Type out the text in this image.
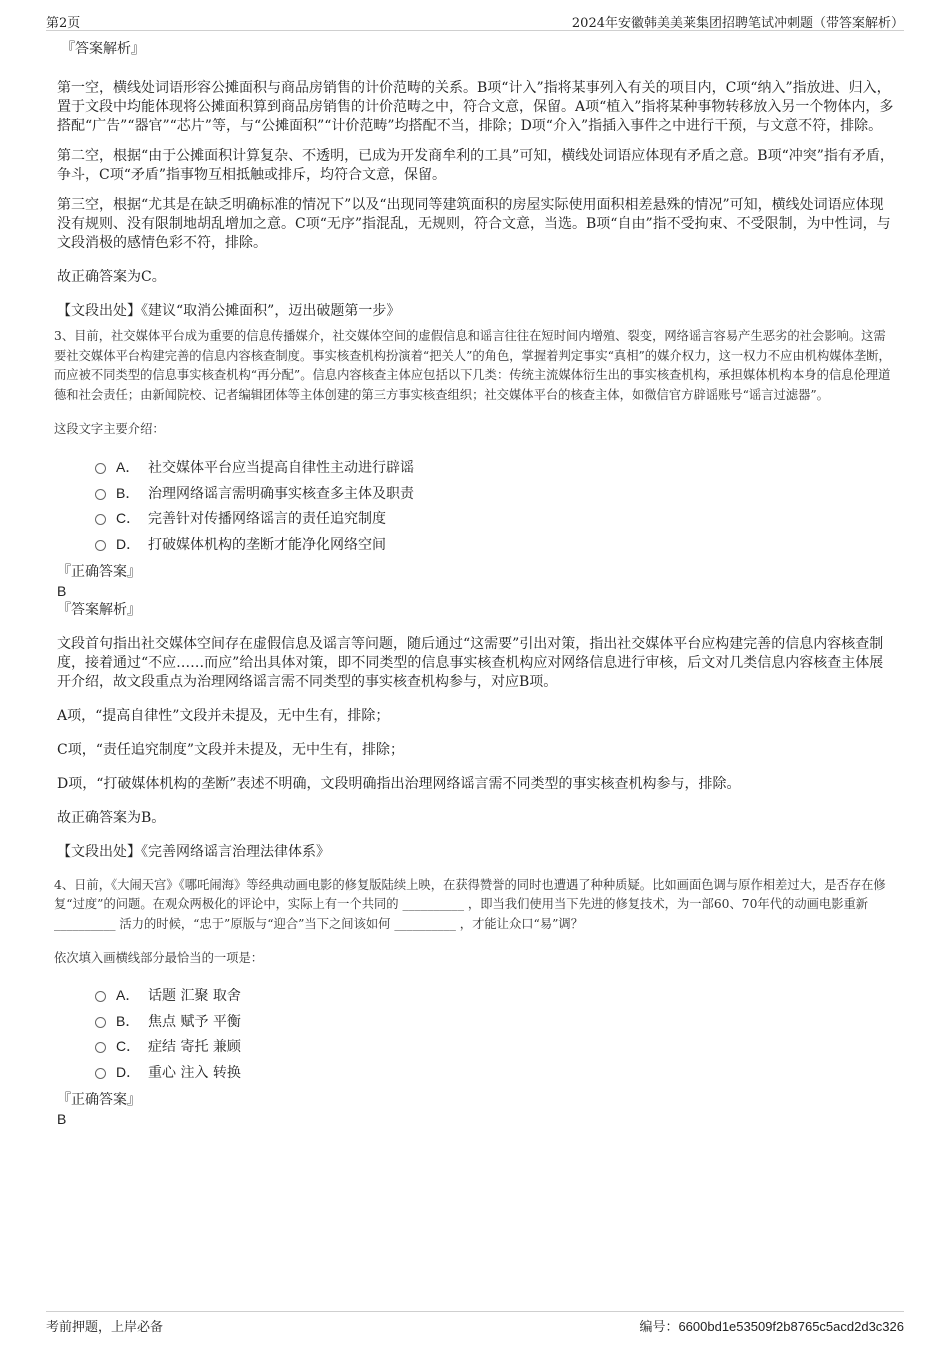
第2页	2024年安徽韩美美莱集团招聘笔试冲刺题（带答案解析）
『答案解析』

第一空，横线处词语形容公摊面积与商品房销售的计价范畴的关系。B项“计入”指将某事列入有关的项目内，C项“纳入”指放进、归入，置于文段中均能体现将公摊面积算到商品房销售的计价范畴之中，符合文意，保留。A项“植入”指将某种事物转移放入另一个物体内，多搭配“广告”“器官”“芯片”等，与“公摊面积”“计价范畴”均搭配不当，排除；D项“介入”指插入事件之中进行干预，与文意不符，排除。

第二空，根据“由于公摊面积计算复杂、不透明，已成为开发商牟利的工具”可知，横线处词语应体现有矛盾之意。B项“冲突”指有矛盾，争斗，C项“矛盾”指事物互相抵触或排斥，均符合文意，保留。

第三空，根据“尤其是在缺乏明确标准的情况下”以及“出现同等建筑面积的房屋实际使用面积相差悬殊的情况”可知，横线处词语应体现没有规则、没有限制地胡乱增加之意。C项“无序”指混乱，无规则，符合文意，当选。B项“自由”指不受拘束、不受限制，为中性词，与文段消极的感情色彩不符，排除。

故正确答案为C。

【文段出处】《建议“取消公摊面积”，迈出破题第一步》

3、目前，社交媒体平台成为重要的信息传播媒介，社交媒体空间的虚假信息和谣言往往在短时间内增殖、裂变，网络谣言容易产生恶劣的社会影响。这需要社交媒体平台构建完善的信息内容核查制度。事实核查机构扮演着“把关人”的角色，掌握着判定事实“真相”的媒介权力，这一权力不应由机构媒体垄断，而应被不同类型的信息事实核查机构“再分配”。信息内容核查主体应包括以下几类：传统主流媒体衍生出的事实核查机构，承担媒体机构本身的信息伦理道德和社会责任；由新闻院校、记者编辑团体等主体创建的第三方事实核查组织；社交媒体平台的核查主体，如微信官方辟谣账号“谣言过滤器”。

这段文字主要介绍：

A． 社交媒体平台应当提高自律性主动进行辟谣
B． 治理网络谣言需明确事实核查多主体及职责
C． 完善针对传播网络谣言的责任追究制度
D． 打破媒体机构的垄断才能净化网络空间
『正确答案』
B
『答案解析』

文段首句指出社交媒体空间存在虚假信息及谣言等问题，随后通过“这需要”引出对策，指出社交媒体平台应构建完善的信息内容核查制度，接着通过“不应……而应”给出具体对策，即不同类型的信息事实核查机构应对网络信息进行审核，后文对几类信息内容核查主体展开介绍，故文段重点为治理网络谣言需不同类型的事实核查机构参与，对应B项。

A项，“提高自律性”文段并未提及，无中生有，排除；

C项，“责任追究制度”文段并未提及，无中生有，排除；

D项，“打破媒体机构的垄断”表述不明确，文段明确指出治理网络谣言需不同类型的事实核查机构参与，排除。

故正确答案为B。

【文段出处】《完善网络谣言治理法律体系》

4、日前，《大闹天宫》《哪吒闹海》等经典动画电影的修复版陆续上映，在获得赞誉的同时也遭遇了种种质疑。比如画面色调与原作相差过大，是否存在修复“过度”的问题。在观众两极化的评论中，实际上有一个共同的 __________ ，即当我们使用当下先进的修复技术，为一部60、70年代的动画电影重新 __________ 活力的时候，“忠于”原版与“迎合”当下之间该如何 __________ ，才能让众口“易”调？

依次填入画横线部分最恰当的一项是：

A． 话题 汇聚 取舍
B． 焦点 赋予 平衡
C． 症结 寄托 兼顾
D． 重心 注入 转换
『正确答案』
B
考前押题，上岸必备	编号：6600bd1e53509f2b8765c5acd2d3c326
